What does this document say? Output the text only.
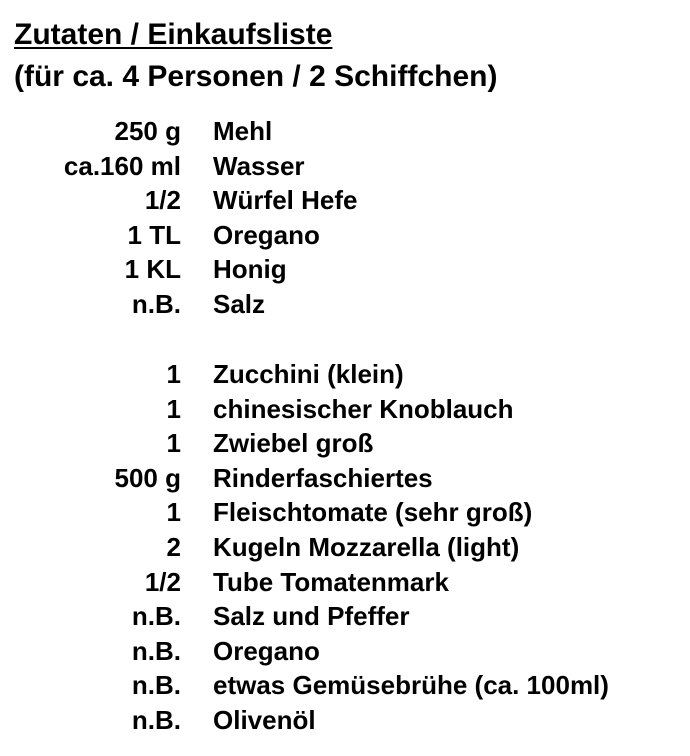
Zutaten / Einkaufsliste
(für ca. 4 Personen / 2 Schiffchen)
250 g Mehl
ca.160 ml Wasser
1/2 Würfel Hefe
1 TL Oregano
1 KL Honig
n.B. Salz
1 Zucchini (klein)
1 chinesischer Knoblauch
1 Zwiebel groß
500 g Rinderfaschiertes
1 Fleischtomate (sehr groß)
2 Kugeln Mozzarella (light)
1/2 Tube Tomatenmark
n.B. Salz und Pfeffer
n.B. Oregano
n.B. etwas Gemüsebrühe (ca. 100ml)
n.B. Olivenöl
